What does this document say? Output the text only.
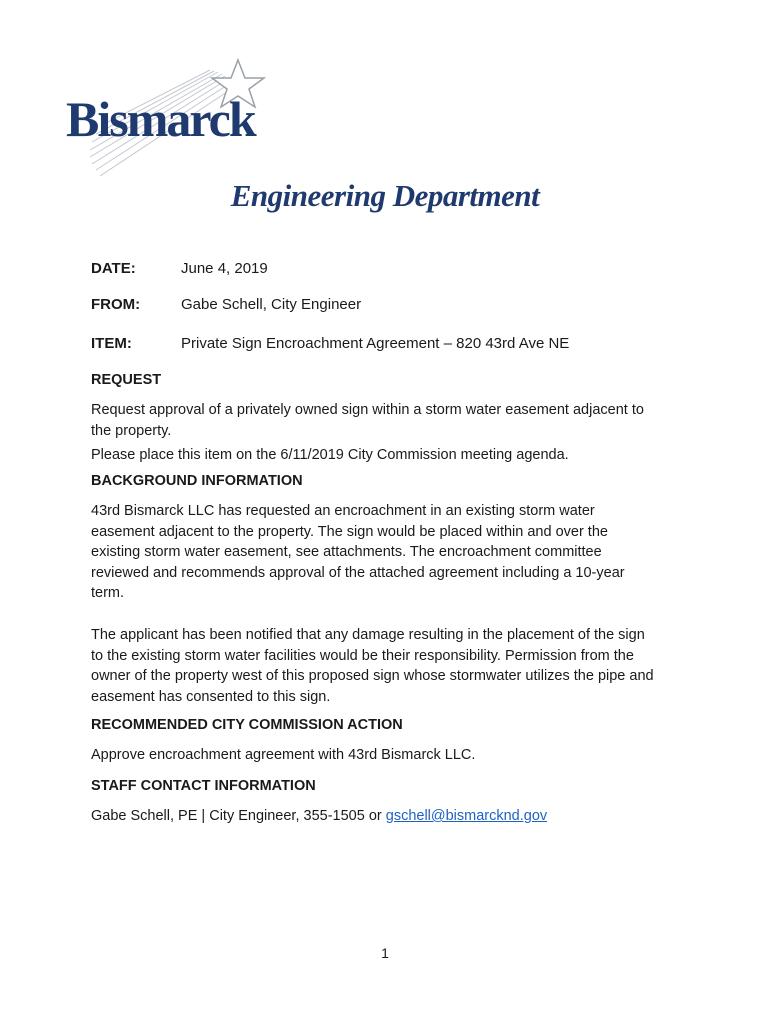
Bismarck
Engineering Department
DATE:	June 4, 2019
FROM:	Gabe Schell, City Engineer
ITEM:	Private Sign Encroachment Agreement – 820 43rd Ave NE
REQUEST
Request approval of a privately owned sign within a storm water easement adjacent to
the property.
Please place this item on the 6/11/2019 City Commission meeting agenda.
BACKGROUND INFORMATION
43rd Bismarck LLC has requested an encroachment in an existing storm water
easement adjacent to the property. The sign would be placed within and over the
existing storm water easement, see attachments. The encroachment committee
reviewed and recommends approval of the attached agreement including a 10-year
term.
The applicant has been notified that any damage resulting in the placement of the sign
to the existing storm water facilities would be their responsibility. Permission from the
owner of the property west of this proposed sign whose stormwater utilizes the pipe and
easement has consented to this sign.
RECOMMENDED CITY COMMISSION ACTION
Approve encroachment agreement with 43rd Bismarck LLC.
STAFF CONTACT INFORMATION
Gabe Schell, PE | City Engineer, 355-1505 or gschell@bismarcknd.gov
1
